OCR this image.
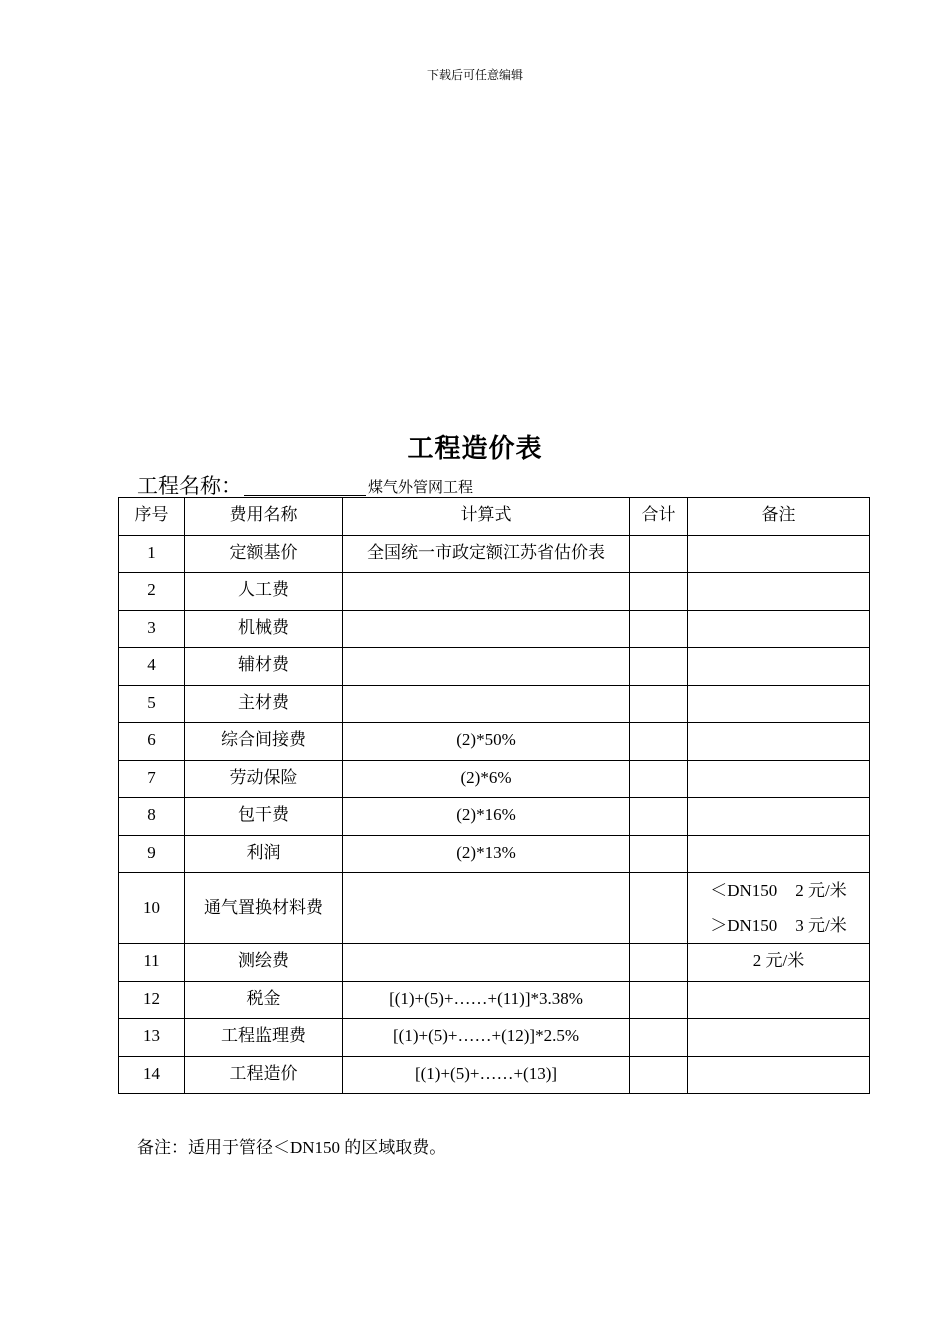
下载后可任意编辑
工程造价表
工程名称：	煤气外管网工程
序号	费用名称	计算式	合计	备注
1	定额基价	全国统一市政定额江苏省估价表		
2	人工费			
3	机械费			
4	辅材费			
5	主材费			
6	综合间接费	(2)*50%		
7	劳动保险	(2)*6%		
8	包干费	(2)*16%		
9	利润	(2)*13%		
10	通气置换材料费			＜DN150 2 元/米
＞DN150 3 元/米

11	测绘费			2 元/米
12	税金	[(1)+(5)+……+(11)]*3.38%		
13	工程监理费	[(1)+(5)+……+(12)]*2.5%		
14	工程造价	[(1)+(5)+……+(13)]		
备注：适用于管径＜DN150 的区域取费。
